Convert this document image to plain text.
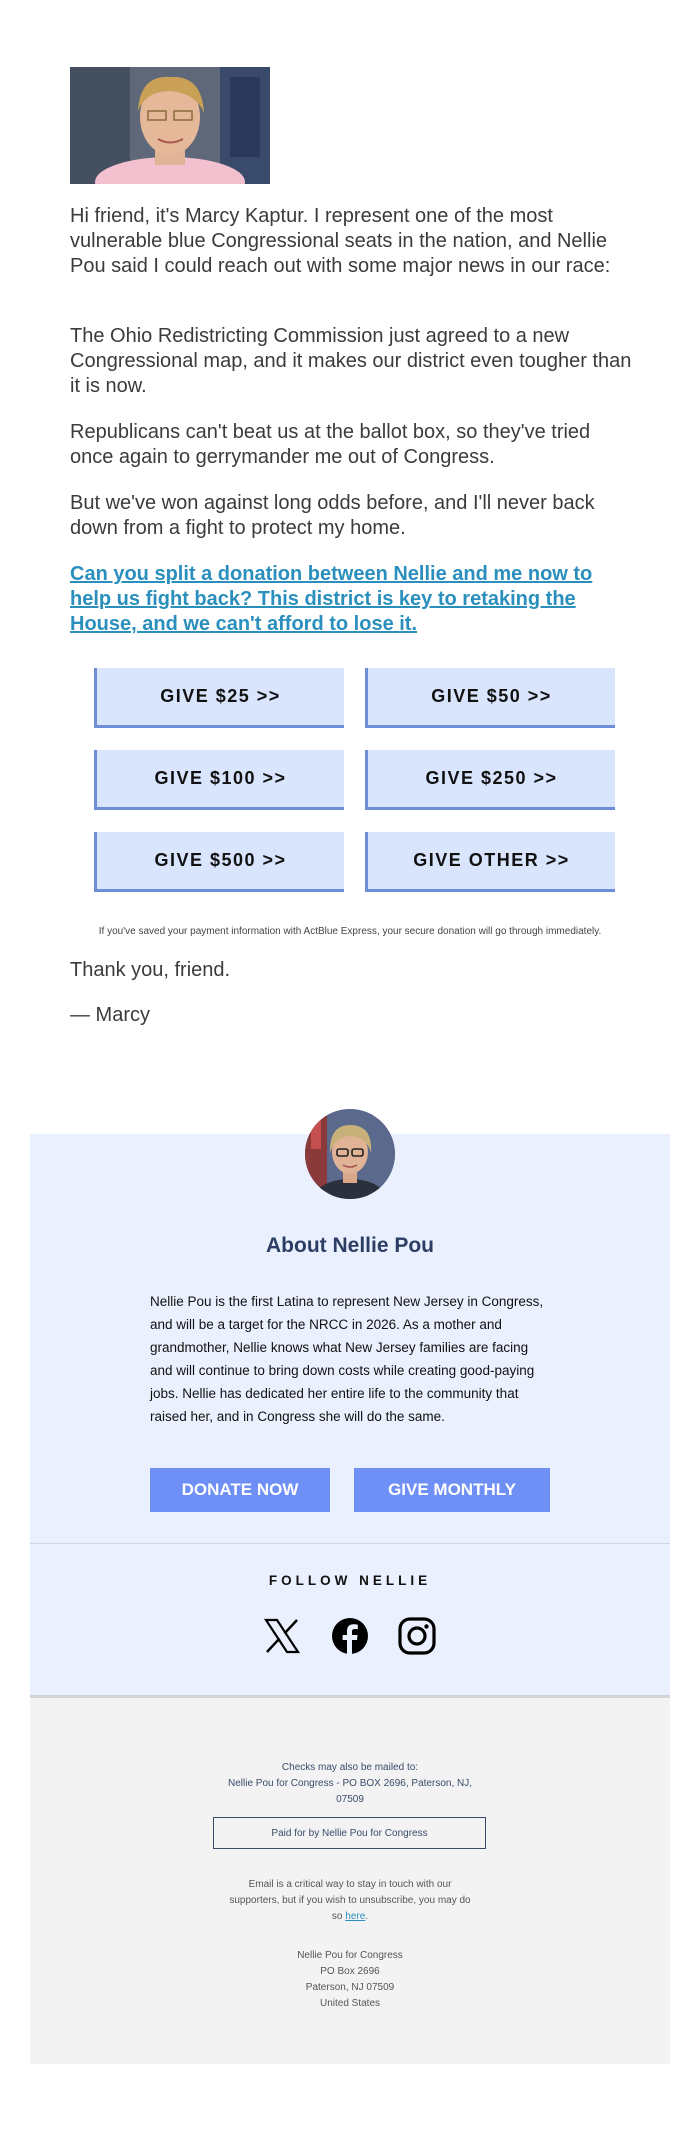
Hi friend, it's Marcy Kaptur. I represent one of the most vulnerable blue Congressional seats in the nation, and Nellie Pou said I could reach out with some major news in our race:

The Ohio Redistricting Commission just agreed to a new Congressional map, and it makes our district even tougher than it is now.

Republicans can't beat us at the ballot box, so they've tried once again to gerrymander me out of Congress.

But we've won against long odds before, and I'll never back down from a fight to protect my home.

Can you split a donation between Nellie and me now to help us fight back? This district is key to retaking the House, and we can't afford to lose it.

GIVE $25 >>	GIVE $50 >>
GIVE $100 >>	GIVE $250 >>
GIVE $500 >>	GIVE OTHER >>
If you've saved your payment information with ActBlue Express, your secure donation will go through immediately.

Thank you, friend.

— Marcy

About Nellie Pou
Nellie Pou is the first Latina to represent New Jersey in Congress, and will be a target for the NRCC in 2026. As a mother and grandmother, Nellie knows what New Jersey families are facing and will continue to bring down costs while creating good-paying jobs. Nellie has dedicated her entire life to the community that raised her, and in Congress she will do the same.
DONATE NOW	GIVE MONTHLY
FOLLOW NELLIE
Checks may also be mailed to:
Nellie Pou for Congress - PO BOX 2696, Paterson, NJ,
07509
Paid for by Nellie Pou for Congress
Email is a critical way to stay in touch with our
supporters, but if you wish to unsubscribe, you may do
so here.
Nellie Pou for Congress
PO Box 2696
Paterson, NJ 07509
United States
